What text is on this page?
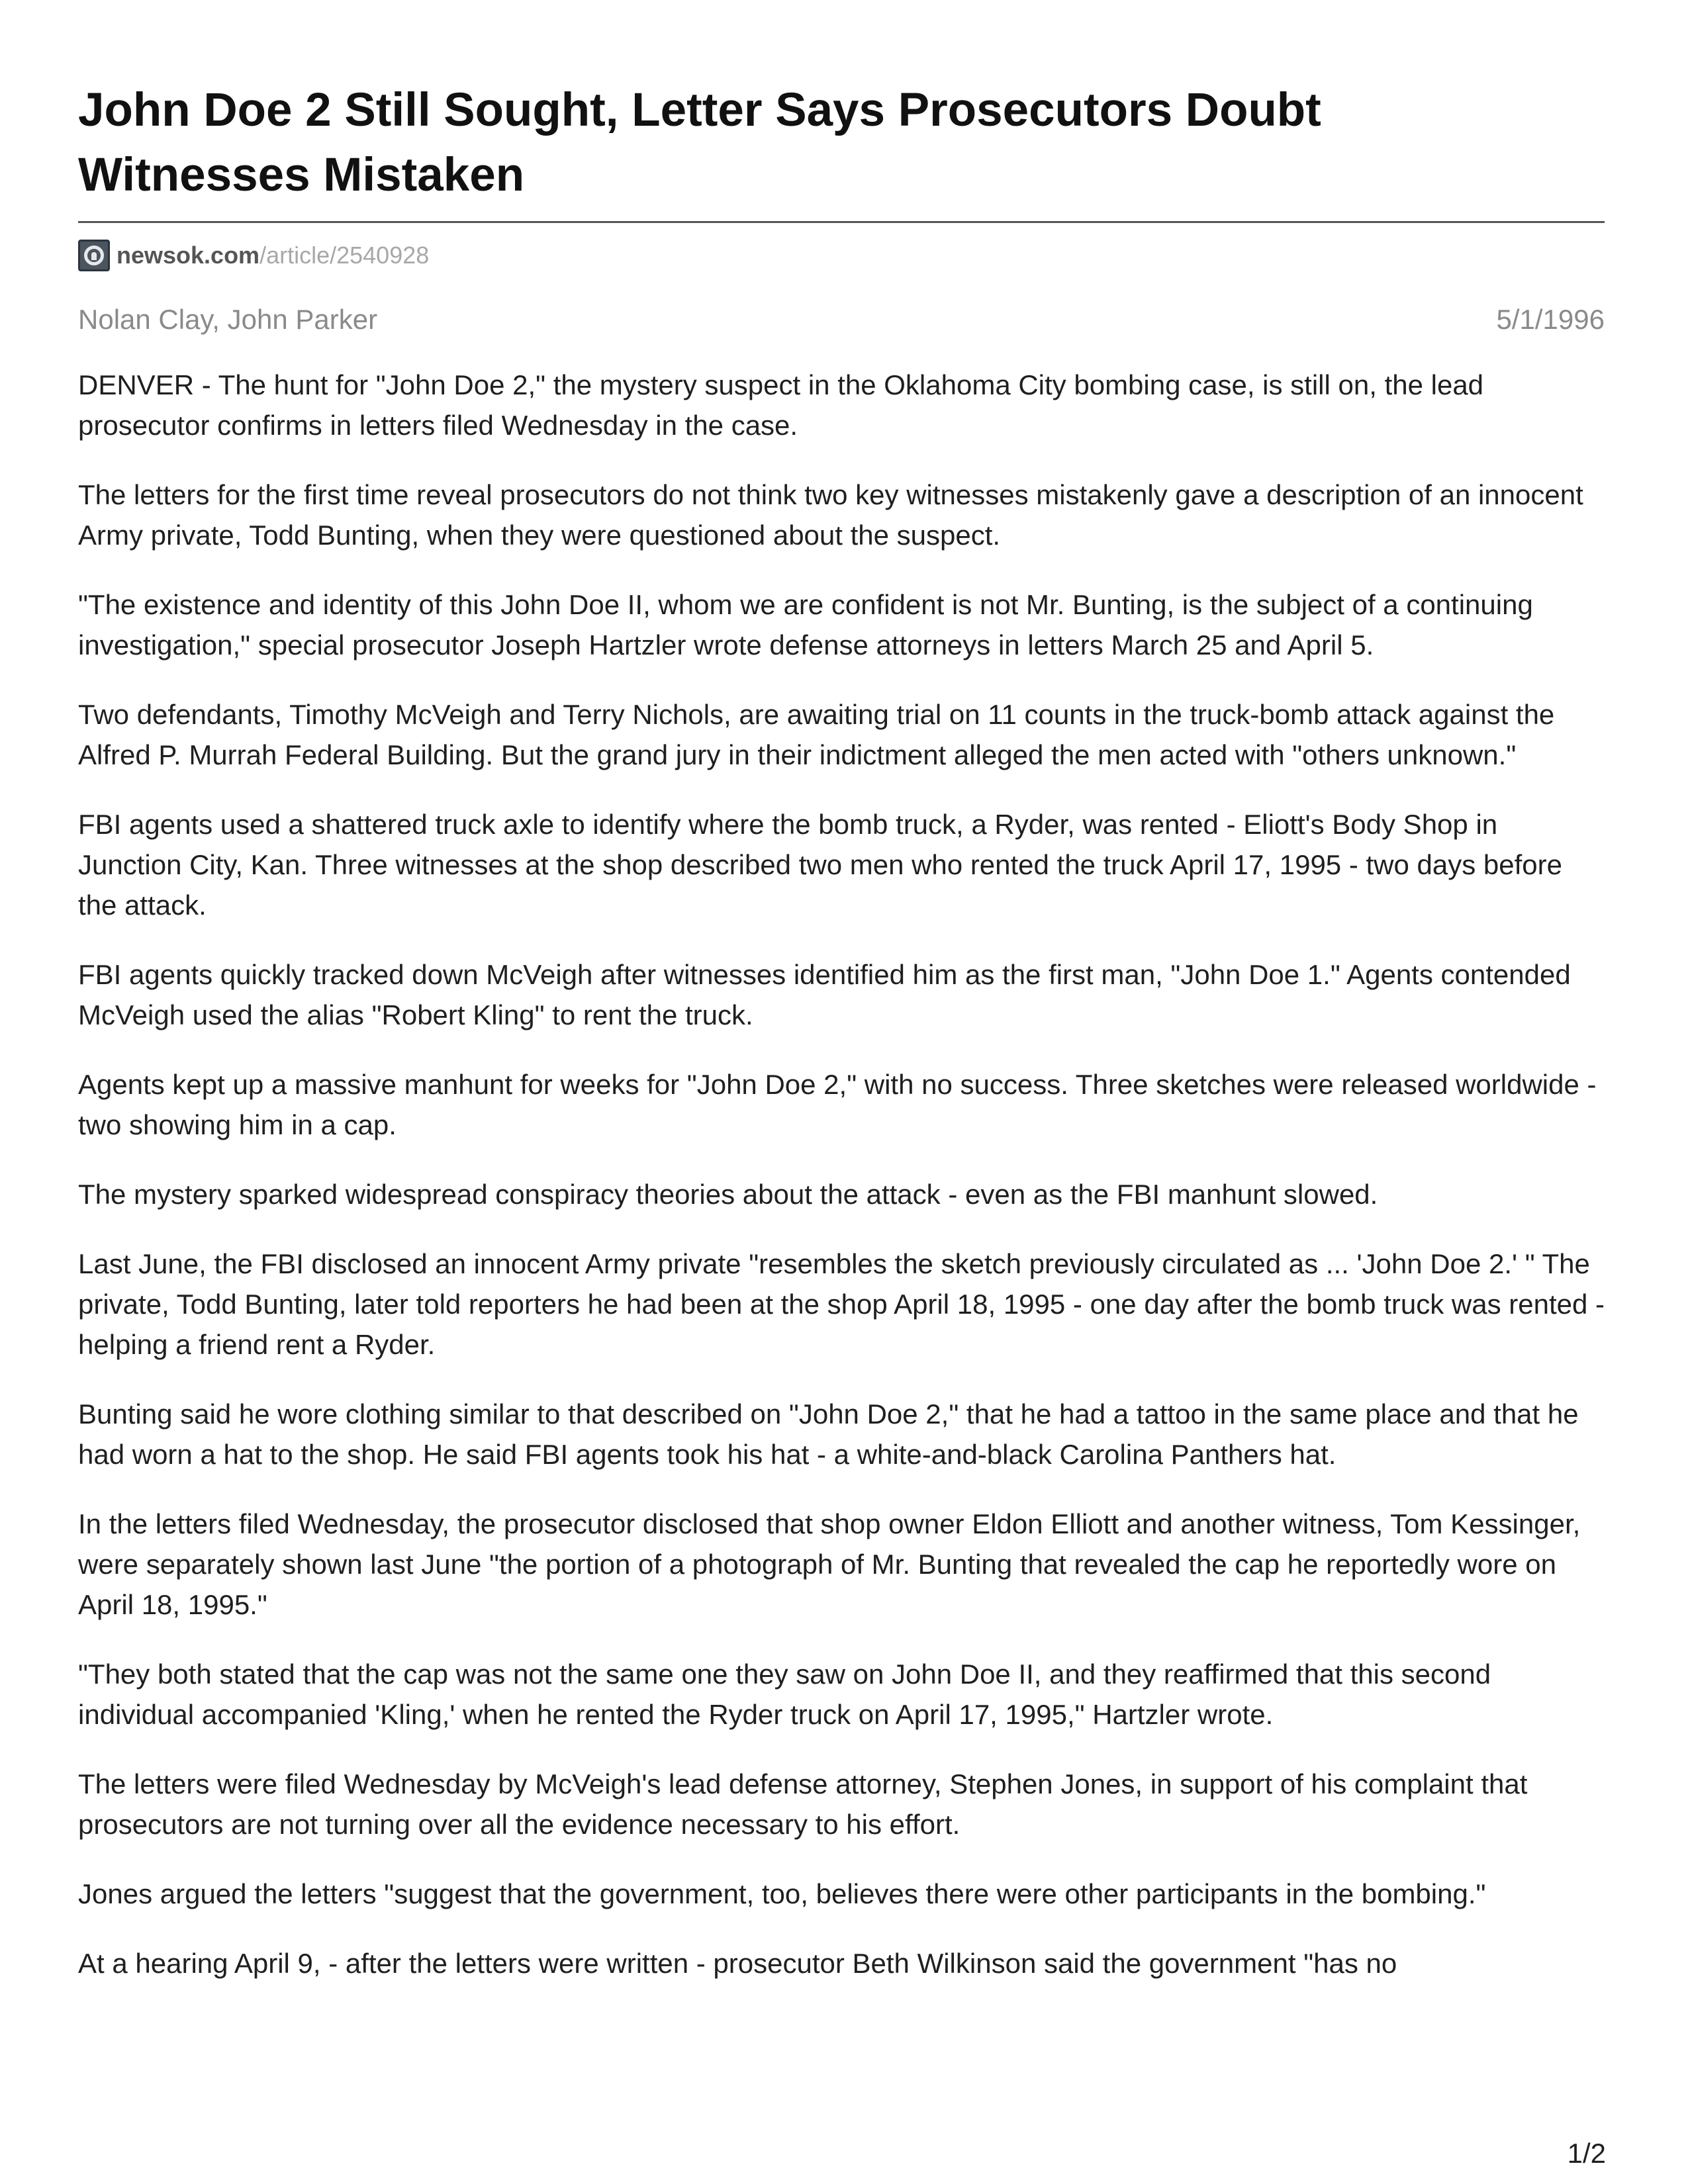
John Doe 2 Still Sought, Letter Says Prosecutors Doubt Witnesses Mistaken
newsok.com /article/2540928
Nolan Clay, John Parker	5/1/1996

DENVER - The hunt for "John Doe 2," the mystery suspect in the Oklahoma City bombing case, is still on, the lead prosecutor confirms in letters filed Wednesday in the case.

The letters for the first time reveal prosecutors do not think two key witnesses mistakenly gave a description of an innocent Army private, Todd Bunting, when they were questioned about the suspect.

"The existence and identity of this John Doe II, whom we are confident is not Mr. Bunting, is the subject of a continuing investigation," special prosecutor Joseph Hartzler wrote defense attorneys in letters March 25 and April 5.

Two defendants, Timothy McVeigh and Terry Nichols, are awaiting trial on 11 counts in the truck-bomb attack against the Alfred P. Murrah Federal Building. But the grand jury in their indictment alleged the men acted with "others unknown."

FBI agents used a shattered truck axle to identify where the bomb truck, a Ryder, was rented - Eliott's Body Shop in Junction City, Kan. Three witnesses at the shop described two men who rented the truck April 17, 1995 - two days before the attack.

FBI agents quickly tracked down McVeigh after witnesses identified him as the first man, "John Doe 1." Agents contended McVeigh used the alias "Robert Kling" to rent the truck.

Agents kept up a massive manhunt for weeks for "John Doe 2," with no success. Three sketches were released worldwide - two showing him in a cap.

The mystery sparked widespread conspiracy theories about the attack - even as the FBI manhunt slowed.

Last June, the FBI disclosed an innocent Army private "resembles the sketch previously circulated as ... 'John Doe 2.' " The private, Todd Bunting, later told reporters he had been at the shop April 18, 1995 - one day after the bomb truck was rented - helping a friend rent a Ryder.

Bunting said he wore clothing similar to that described on "John Doe 2," that he had a tattoo in the same place and that he had worn a hat to the shop. He said FBI agents took his hat - a white-and-black Carolina Panthers hat.

In the letters filed Wednesday, the prosecutor disclosed that shop owner Eldon Elliott and another witness, Tom Kessinger, were separately shown last June "the portion of a photograph of Mr. Bunting that revealed the cap he reportedly wore on April 18, 1995."

"They both stated that the cap was not the same one they saw on John Doe II, and they reaffirmed that this second individual accompanied 'Kling,' when he rented the Ryder truck on April 17, 1995," Hartzler wrote.

The letters were filed Wednesday by McVeigh's lead defense attorney, Stephen Jones, in support of his complaint that prosecutors are not turning over all the evidence necessary to his effort.

Jones argued the letters "suggest that the government, too, believes there were other participants in the bombing."

At a hearing April 9, - after the letters were written - prosecutor Beth Wilkinson said the government "has no

1/2
